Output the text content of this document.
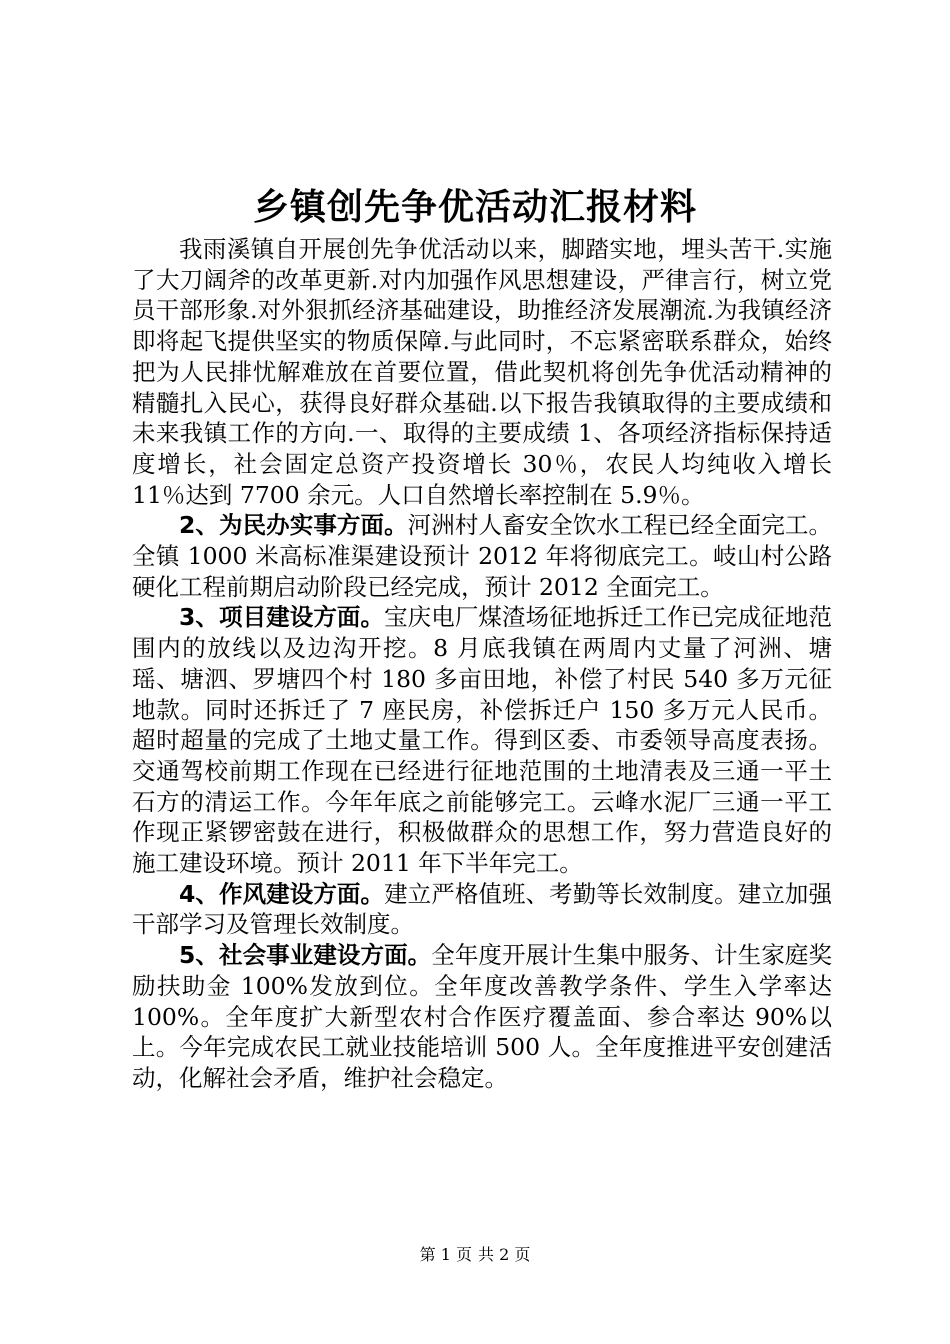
乡镇创先争优活动汇报材料

我雨溪镇自开展创先争优活动以来，脚踏实地，埋头苦干.实施了大刀阔斧的改革更新.对内加强作风思想建设，严律言行，树立党员干部形象.对外狠抓经济基础建设，助推经济发展潮流.为我镇经济即将起飞提供坚实的物质保障.与此同时，不忘紧密联系群众，始终把为人民排忧解难放在首要位置，借此契机将创先争优活动精神的精髓扎入民心，获得良好群众基础.以下报告我镇取得的主要成绩和未来我镇工作的方向.一、取得的主要成绩 1、各项经济指标保持适度增长，社会固定总资产投资增长 30％，农民人均纯收入增长 11％达到 7700 余元。人口自然增长率控制在 5.9％。

2、为民办实事方面。河洲村人畜安全饮水工程已经全面完工。全镇 1000 米高标准渠建设预计 2012 年将彻底完工。岐山村公路硬化工程前期启动阶段已经完成，预计 2012 全面完工。

3、项目建设方面。宝庆电厂煤渣场征地拆迁工作已完成征地范围内的放线以及边沟开挖。8 月底我镇在两周内丈量了河洲、塘瑶、塘泗、罗塘四个村 180 多亩田地，补偿了村民 540 多万元征地款。同时还拆迁了 7 座民房，补偿拆迁户 150 多万元人民币。超时超量的完成了土地丈量工作。得到区委、市委领导高度表扬。交通驾校前期工作现在已经进行征地范围的土地清表及三通一平土石方的清运工作。今年年底之前能够完工。云峰水泥厂三通一平工作现正紧锣密鼓在进行，积极做群众的思想工作，努力营造良好的施工建设环境。预计 2011 年下半年完工。

4、作风建设方面。建立严格值班、考勤等长效制度。建立加强干部学习及管理长效制度。

5、社会事业建设方面。全年度开展计生集中服务、计生家庭奖励扶助金 100%发放到位。全年度改善教学条件、学生入学率达 100%。全年度扩大新型农村合作医疗覆盖面、参合率达 90%以上。今年完成农民工就业技能培训 500 人。全年度推进平安创建活动，化解社会矛盾，维护社会稳定。

第 1 页 共 2 页
